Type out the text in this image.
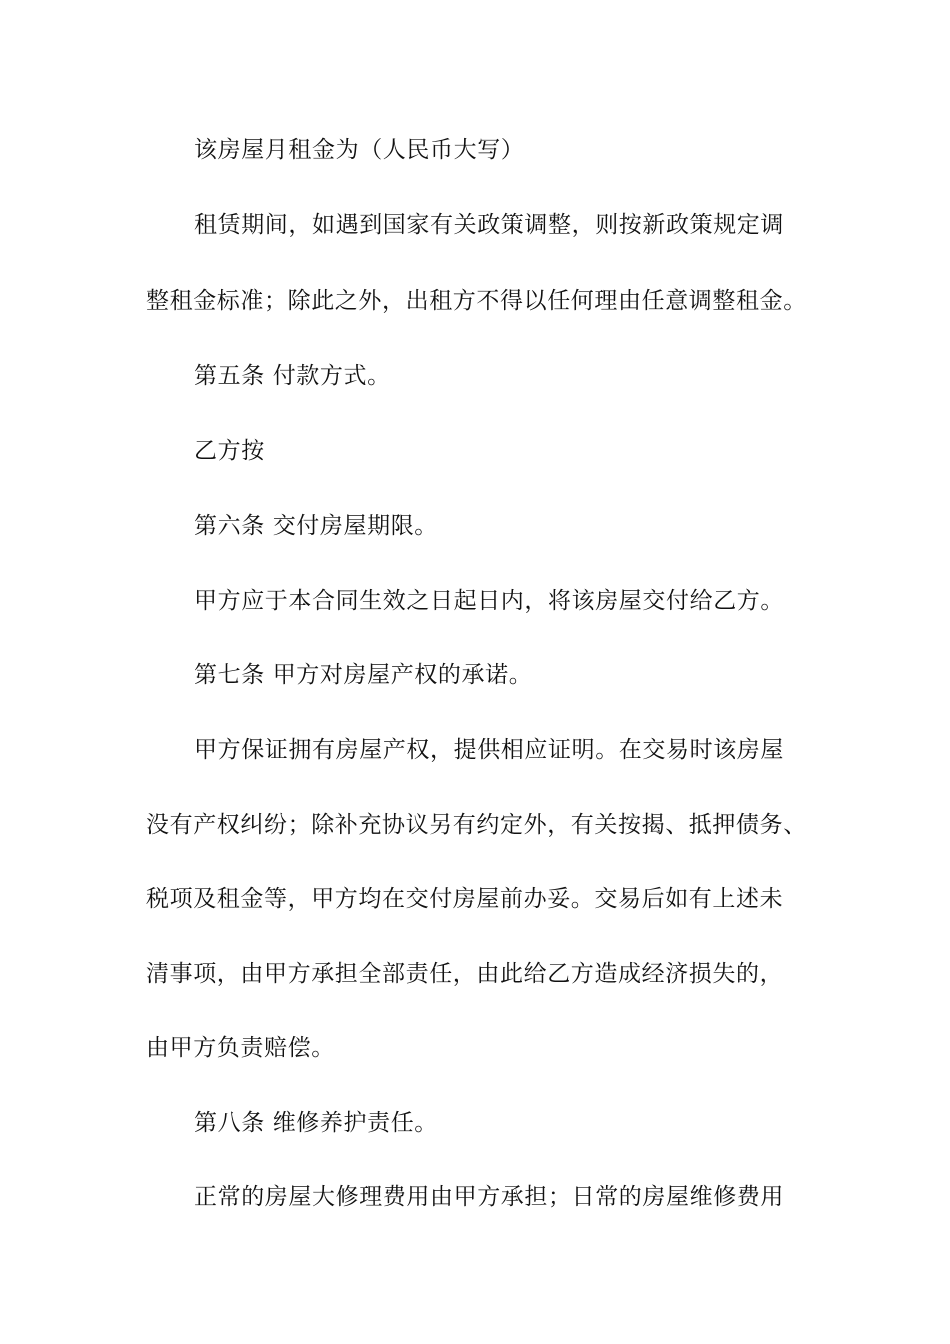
该房屋月租金为（人民币大写）
租赁期间，如遇到国家有关政策调整，则按新政策规定调
整租金标准；除此之外，出租方不得以任何理由任意调整租金。
第五条 付款方式。
乙方按
第六条 交付房屋期限。
甲方应于本合同生效之日起日内，将该房屋交付给乙方。
第七条 甲方对房屋产权的承诺。
甲方保证拥有房屋产权，提供相应证明。在交易时该房屋
没有产权纠纷；除补充协议另有约定外，有关按揭、抵押债务、
税项及租金等，甲方均在交付房屋前办妥。交易后如有上述未
清事项，由甲方承担全部责任，由此给乙方造成经济损失的，
由甲方负责赔偿。
第八条 维修养护责任。
正常的房屋大修理费用由甲方承担；日常的房屋维修费用
